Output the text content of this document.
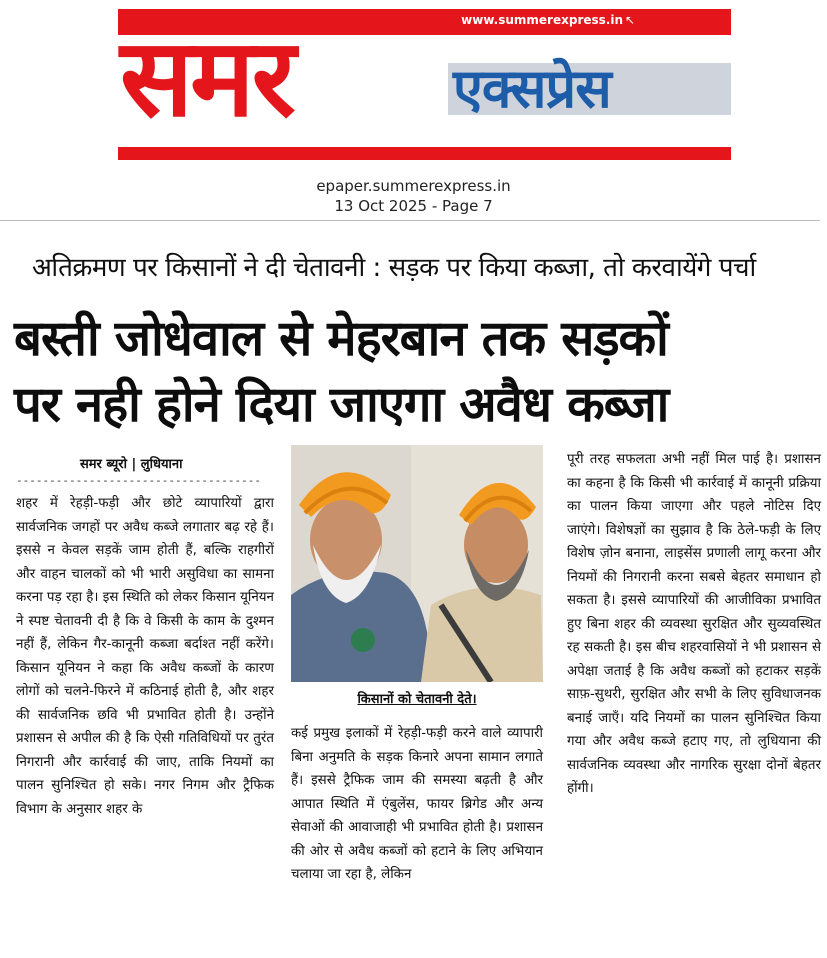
www.summerexpress.in ↖
समर	एक्सप्रेस
epaper.summerexpress.in
13 Oct 2025 - Page 7
अतिक्रमण पर किसानों ने दी चेतावनी : सड़क पर किया कब्जा, तो करवायेंगे पर्चा
बस्ती जोधेवाल से मेहरबान तक सड़कों
पर नही होने दिया जाएगा अवैध कब्जा
समर ब्यूरो | लुधियाना
-------------------------------------
शहर में रेहड़ी-फड़ी और छोटे व्यापारियों द्वारा सार्वजनिक जगहों पर अवैध कब्जे लगातार बढ़ रहे हैं। इससे न केवल सड़कें जाम होती हैं, बल्कि राहगीरों और वाहन चालकों को भी भारी असुविधा का सामना करना पड़ रहा है। इस स्थिति को लेकर किसान यूनियन ने स्पष्ट चेतावनी दी है कि वे किसी के काम के दुश्मन नहीं हैं, लेकिन गैर-कानूनी कब्जा बर्दाश्त नहीं करेंगे। किसान यूनियन ने कहा कि अवैध कब्जों के कारण लोगों को चलने-फिरने में कठिनाई होती है, और शहर की सार्वजनिक छवि भी प्रभावित होती है। उन्होंने प्रशासन से अपील की है कि ऐसी गतिविधियों पर तुरंत निगरानी और कार्रवाई की जाए, ताकि नियमों का पालन सुनिश्चित हो सके। नगर निगम और ट्रैफिक विभाग के अनुसार शहर के
किसानों को चेतावनी देते।
कई प्रमुख इलाकों में रेहड़ी-फड़ी करने वाले व्यापारी बिना अनुमति के सड़क किनारे अपना सामान लगाते हैं। इससे ट्रैफिक जाम की समस्या बढ़ती है और आपात स्थिति में एंबुलेंस, फायर ब्रिगेड और अन्य सेवाओं की आवाजाही भी प्रभावित होती है। प्रशासन की ओर से अवैध कब्जों को हटाने के लिए अभियान चलाया जा रहा है, लेकिन
पूरी तरह सफलता अभी नहीं मिल पाई है। प्रशासन का कहना है कि किसी भी कार्रवाई में कानूनी प्रक्रिया का पालन किया जाएगा और पहले नोटिस दिए जाएंगे। विशेषज्ञों का सुझाव है कि ठेले-फड़ी के लिए विशेष ज़ोन बनाना, लाइसेंस प्रणाली लागू करना और नियमों की निगरानी करना सबसे बेहतर समाधान हो सकता है। इससे व्यापारियों की आजीविका प्रभावित हुए बिना शहर की व्यवस्था सुरक्षित और सुव्यवस्थित रह सकती है। इस बीच शहरवासियों ने भी प्रशासन से अपेक्षा जताई है कि अवैध कब्जों को हटाकर सड़कें साफ़-सुथरी, सुरक्षित और सभी के लिए सुविधाजनक बनाई जाएँ। यदि नियमों का पालन सुनिश्चित किया गया और अवैध कब्जे हटाए गए, तो लुधियाना की सार्वजनिक व्यवस्था और नागरिक सुरक्षा दोनों बेहतर होंगी।
